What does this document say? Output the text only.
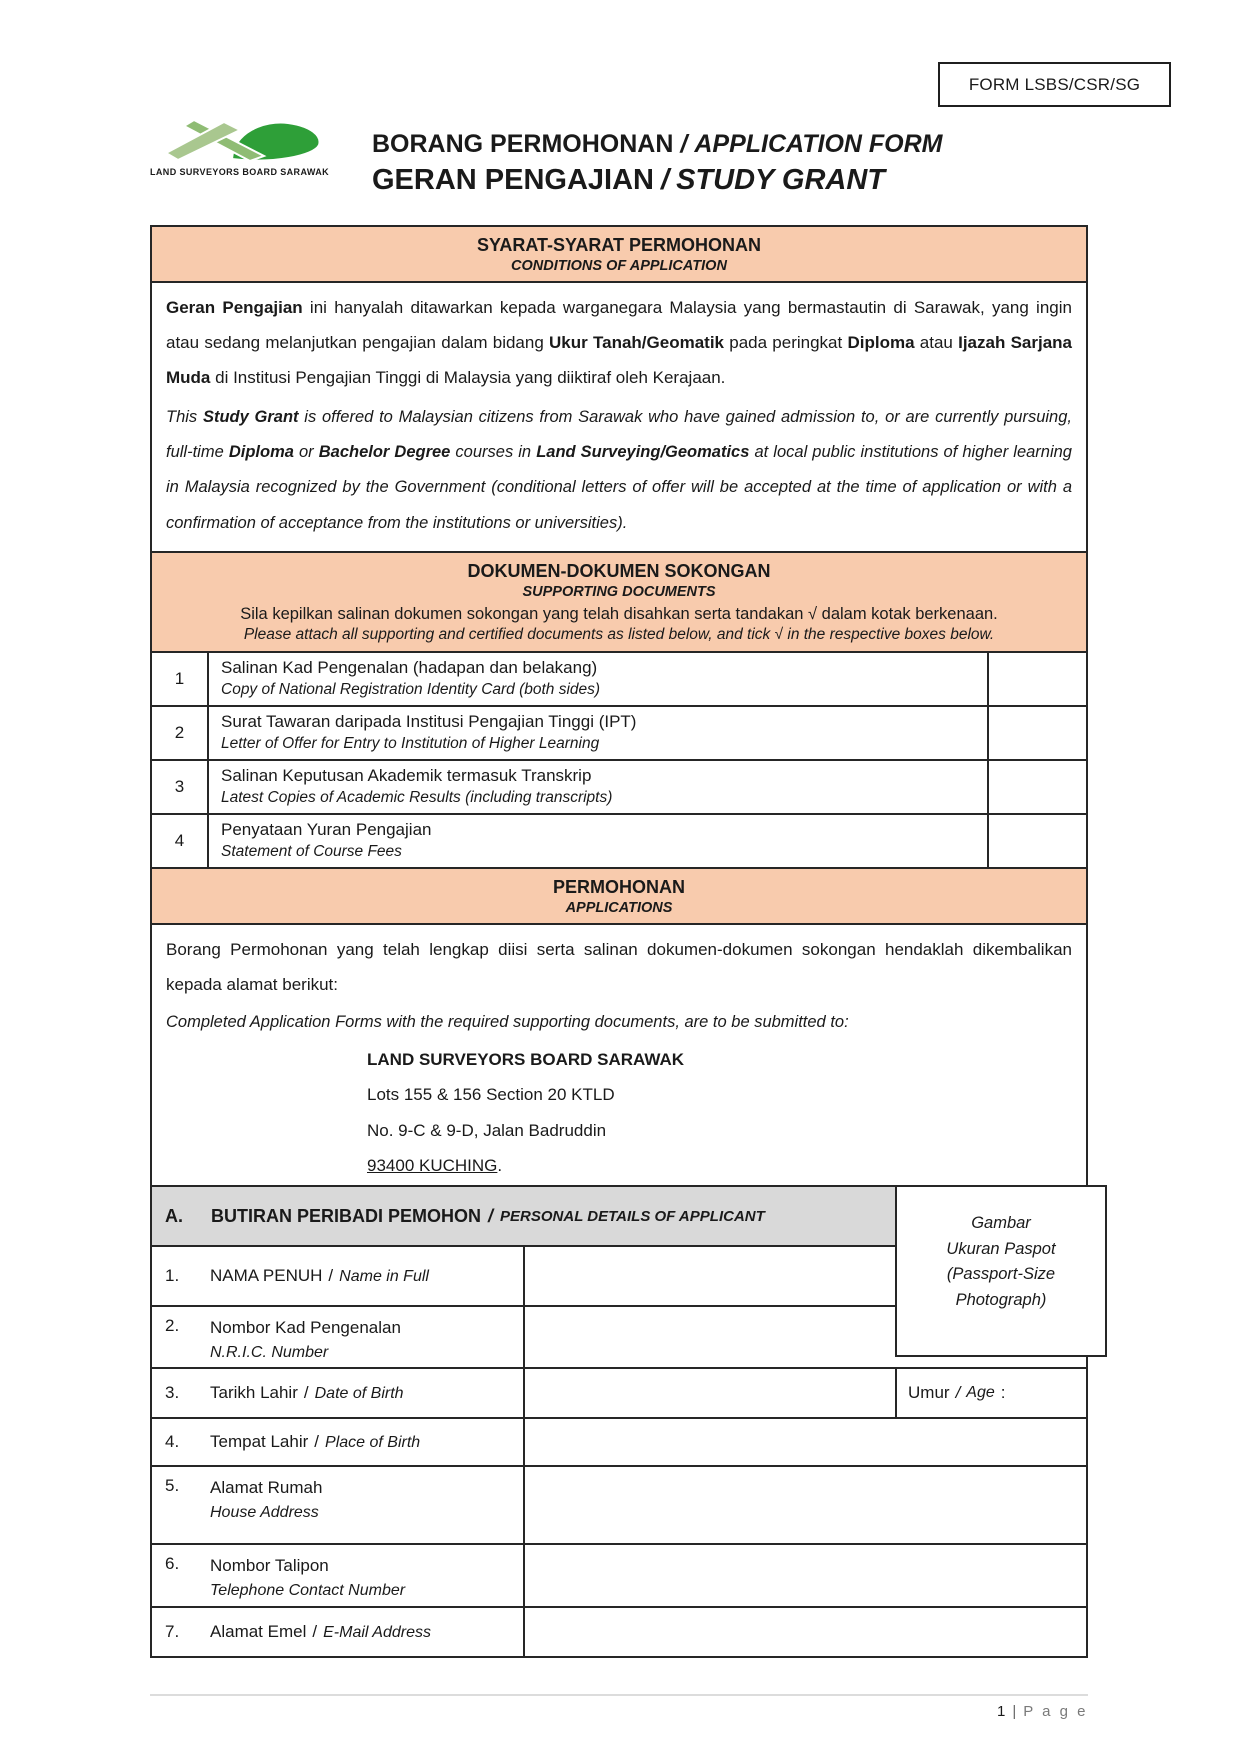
FORM LSBS/CSR/SG
LAND SURVEYORS BOARD SARAWAK
BORANG PERMOHONAN / APPLICATION FORM
GERAN PENGAJIAN / STUDY GRANT
SYARAT-SYARAT PERMOHONAN
CONDITIONS OF APPLICATION

Geran Pengajian ini hanyalah ditawarkan kepada warganegara Malaysia yang bermastautin di Sarawak, yang ingin atau sedang melanjutkan pengajian dalam bidang Ukur Tanah/Geomatik pada peringkat Diploma atau Ijazah Sarjana Muda di Institusi Pengajian Tinggi di Malaysia yang diiktiraf oleh Kerajaan.

This Study Grant is offered to Malaysian citizens from Sarawak who have gained admission to, or are currently pursuing, full-time Diploma or Bachelor Degree courses in Land Surveying/Geomatics at local public institutions of higher learning in Malaysia recognized by the Government (conditional letters of offer will be accepted at the time of application or with a confirmation of acceptance from the institutions or universities).

DOKUMEN-DOKUMEN SOKONGAN
SUPPORTING DOCUMENTS
Sila kepilkan salinan dokumen sokongan yang telah disahkan serta tandakan √ dalam kotak berkenaan.
Please attach all supporting and certified documents as listed below, and tick √ in the respective boxes below.
1
Salinan Kad Pengenalan (hadapan dan belakang)
Copy of National Registration Identity Card (both sides)
2
Surat Tawaran daripada Institusi Pengajian Tinggi (IPT)
Letter of Offer for Entry to Institution of Higher Learning
3
Salinan Keputusan Akademik termasuk Transkrip
Latest Copies of Academic Results (including transcripts)
4
Penyataan Yuran Pengajian
Statement of Course Fees
PERMOHONAN
APPLICATIONS

Borang Permohonan yang telah lengkap diisi serta salinan dokumen-dokumen sokongan hendaklah dikembalikan kepada alamat berikut:

Completed Application Forms with the required supporting documents, are to be submitted to:

LAND SURVEYORS BOARD SARAWAK
Lots 155 & 156 Section 20 KTLD
No. 9-C & 9-D, Jalan Badruddin
93400 KUCHING.
A.	BUTIRAN PERIBADI PEMOHON / PERSONAL DETAILS OF APPLICANT	Gambar
Ukuran Paspot
(Passport-Size
Photograph)
1.	NAMA PENUH / Name in Full
2.	Nombor Kad Pengenalan
N.R.I.C. Number
3.	Tarikh Lahir / Date of Birth	Umur / Age :
4.	Tempat Lahir / Place of Birth
5.	Alamat Rumah
House Address
6.	Nombor Talipon
Telephone Contact Number
7.	Alamat Emel / E-Mail Address
1 | P a g e
